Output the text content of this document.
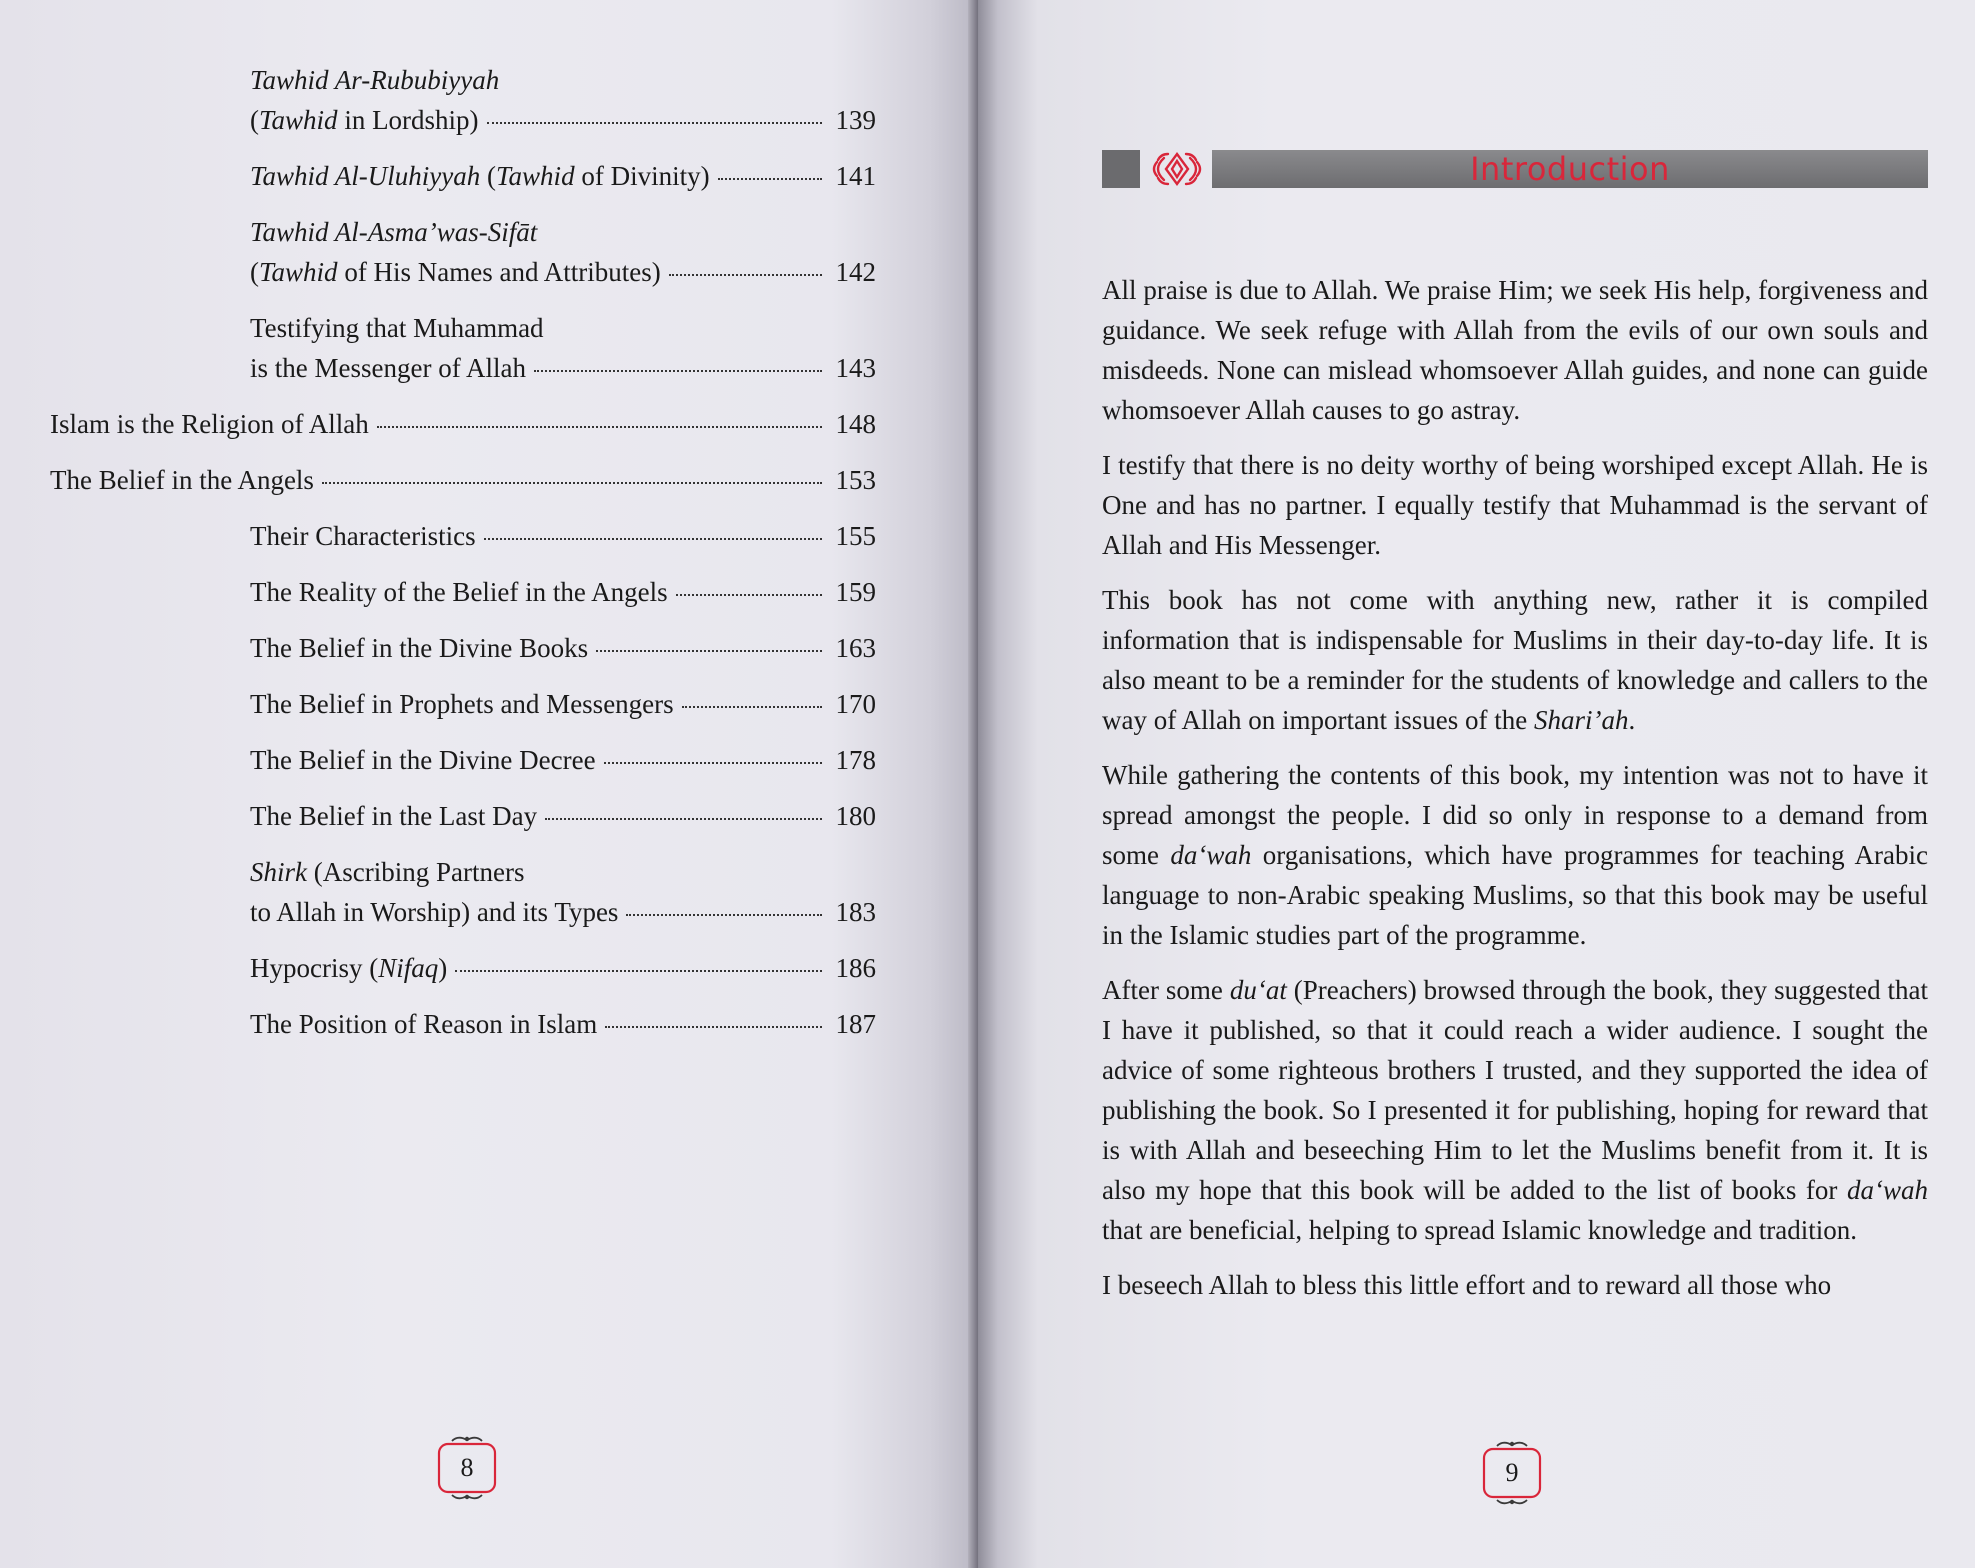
Tawhid Ar-Rububiyyah
(Tawhid in Lordship)	139
Tawhid Al-Uluhiyyah (Tawhid of Divinity)	141
Tawhid Al-Asma’was-Sifāt
(Tawhid of His Names and Attributes)	142
Testifying that Muhammad
is the Messenger of Allah	143
Islam is the Religion of Allah	148
The Belief in the Angels	153
Their Characteristics	155
The Reality of the Belief in the Angels	159
The Belief in the Divine Books	163
The Belief in Prophets and Messengers	170
The Belief in the Divine Decree	178
The Belief in the Last Day	180
Shirk (Ascribing Partners
to Allah in Worship) and its Types	183
Hypocrisy (Nifaq)	186
The Position of Reason in Islam	187
8
Introduction

All praise is due to Allah. We praise Him; we seek His help, forgiveness and guidance. We seek refuge with Allah from the evils of our own souls and misdeeds. None can mislead whomsoever Allah guides, and none can guide whomsoever Allah causes to go astray.

I testify that there is no deity worthy of being worshiped except Allah. He is One and has no partner. I equally testify that Muhammad is the servant of Allah and His Messenger.

This book has not come with anything new, rather it is compiled information that is indispensable for Muslims in their day-to-day life. It is also meant to be a reminder for the students of knowledge and callers to the way of Allah on important issues of the Shari’ah.

While gathering the contents of this book, my intention was not to have it spread amongst the people. I did so only in response to a demand from some da‘wah organisations, which have programmes for teaching Arabic language to non-Arabic speaking Muslims, so that this book may be useful in the Islamic studies part of the programme.

After some du‘at (Preachers) browsed through the book, they suggested that I have it published, so that it could reach a wider audience. I sought the advice of some righteous brothers I trusted, and they supported the idea of publishing the book. So I presented it for publishing, hoping for reward that is with Allah and beseeching Him to let the Muslims benefit from it. It is also my hope that this book will be added to the list of books for da‘wah that are beneficial, helping to spread Islamic knowledge and tradition.

I beseech Allah to bless this little effort and to reward all those who

9
